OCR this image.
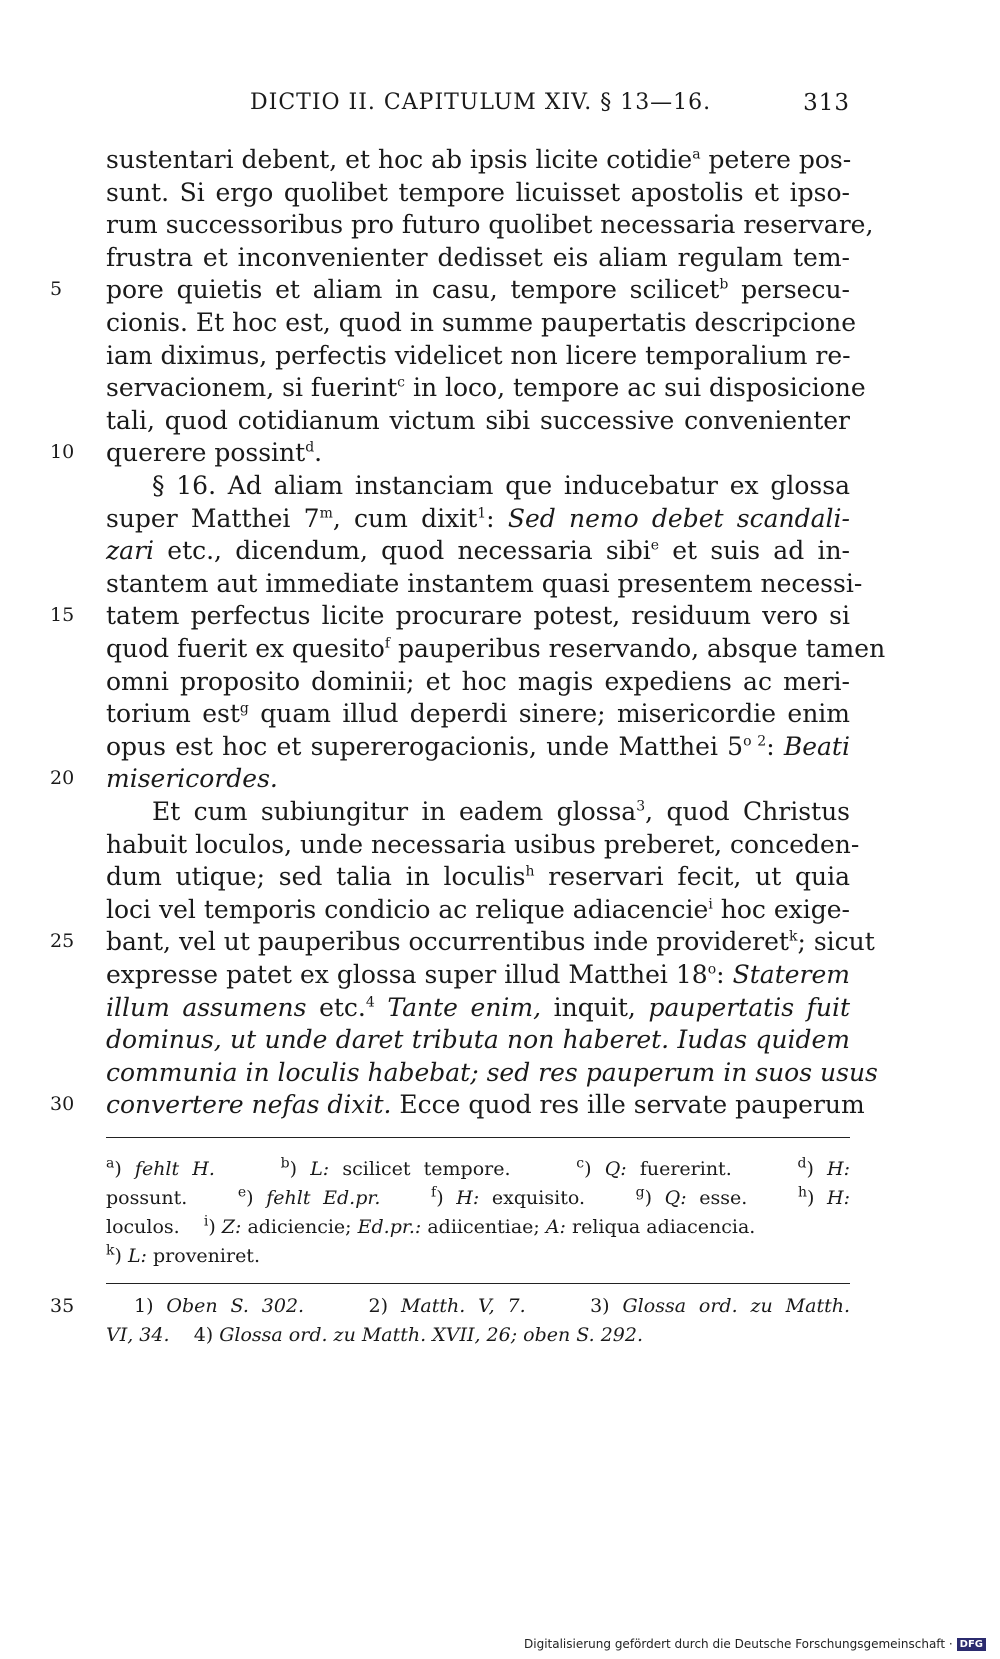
DICTIO II. CAPITULUM XIV. § 13—16.	313
sustentari debent, et hoc ab ipsis licite cotidie$^a$ petere pos-
sunt. Si ergo quolibet tempore licuisset apostolis et ipso-
rum successoribus pro futuro quolibet necessaria reservare,
frustra et inconvenienter dedisset eis aliam regulam tem-
pore quietis et aliam in casu, tempore scilicet$^b$ persecu-
5
cionis. Et hoc est, quod in summe paupertatis descripcione
iam diximus, perfectis videlicet non licere temporalium re-
servacionem, si fuerint$^c$ in loco, tempore ac sui disposicione
tali, quod cotidianum victum sibi successive convenienter
querere possint$^d$.
10
§ 16. Ad aliam instanciam que inducebatur ex glossa
super Matthei 7$^m$, cum dixit$^1$: Sed nemo debet scandali-
zari etc., dicendum, quod necessaria sibi$^e$ et suis ad in-
stantem aut immediate instantem quasi presentem necessi-
tatem perfectus licite procurare potest, residuum vero si
15
quod fuerit ex quesito$^f$ pauperibus reservando, absque tamen
omni proposito dominii; et hoc magis expediens ac meri-
torium est$^g$ quam illud deperdi sinere; misericordie enim
opus est hoc et supererogacionis, unde Matthei $5^{o 2}$: Beati
misericordes.
20
Et cum subiungitur in eadem glossa$^3$, quod Christus
habuit loculos, unde necessaria usibus preberet, conceden-
dum utique; sed talia in loculis$^h$ reservari fecit, ut quia
loci vel temporis condicio ac relique adiacencie$^i$ hoc exige-
bant, vel ut pauperibus occurrentibus inde provideret$^k$; sicut
25
expresse patet ex glossa super illud Matthei 18$^o$: Staterem
illum assumens etc.$^4$ Tante enim, inquit, paupertatis fuit
dominus, ut unde daret tributa non haberet. Iudas quidem
communia in loculis habebat; sed res pauperum in suos usus
convertere nefas dixit. Ecce quod res ille servate pauperum
30
$^a$) fehlt H.	$^b$) L: scilicet tempore.     $^c$) Q: fuererint.     $^d$) H:
possunt.    $^e$) fehlt Ed.pr.	$^f$) H: exquisito.    $^g$) Q: esse.    $^h$) H:
loculos.    $^i$) Z: adiciencie; Ed.pr.: adiicentiae; A: reliqua adiacencia.
$^k$) L: proveniret.
35	1) Oben S. 302.     2) Matth. V, 7.     3) Glossa ord. zu Matth.
VI, 34.    4) Glossa ord. zu Matth. XVII, 26; oben S. 292.
Digitalisierung gefördert durch die Deutsche Forschungsgemeinschaft · DFG
